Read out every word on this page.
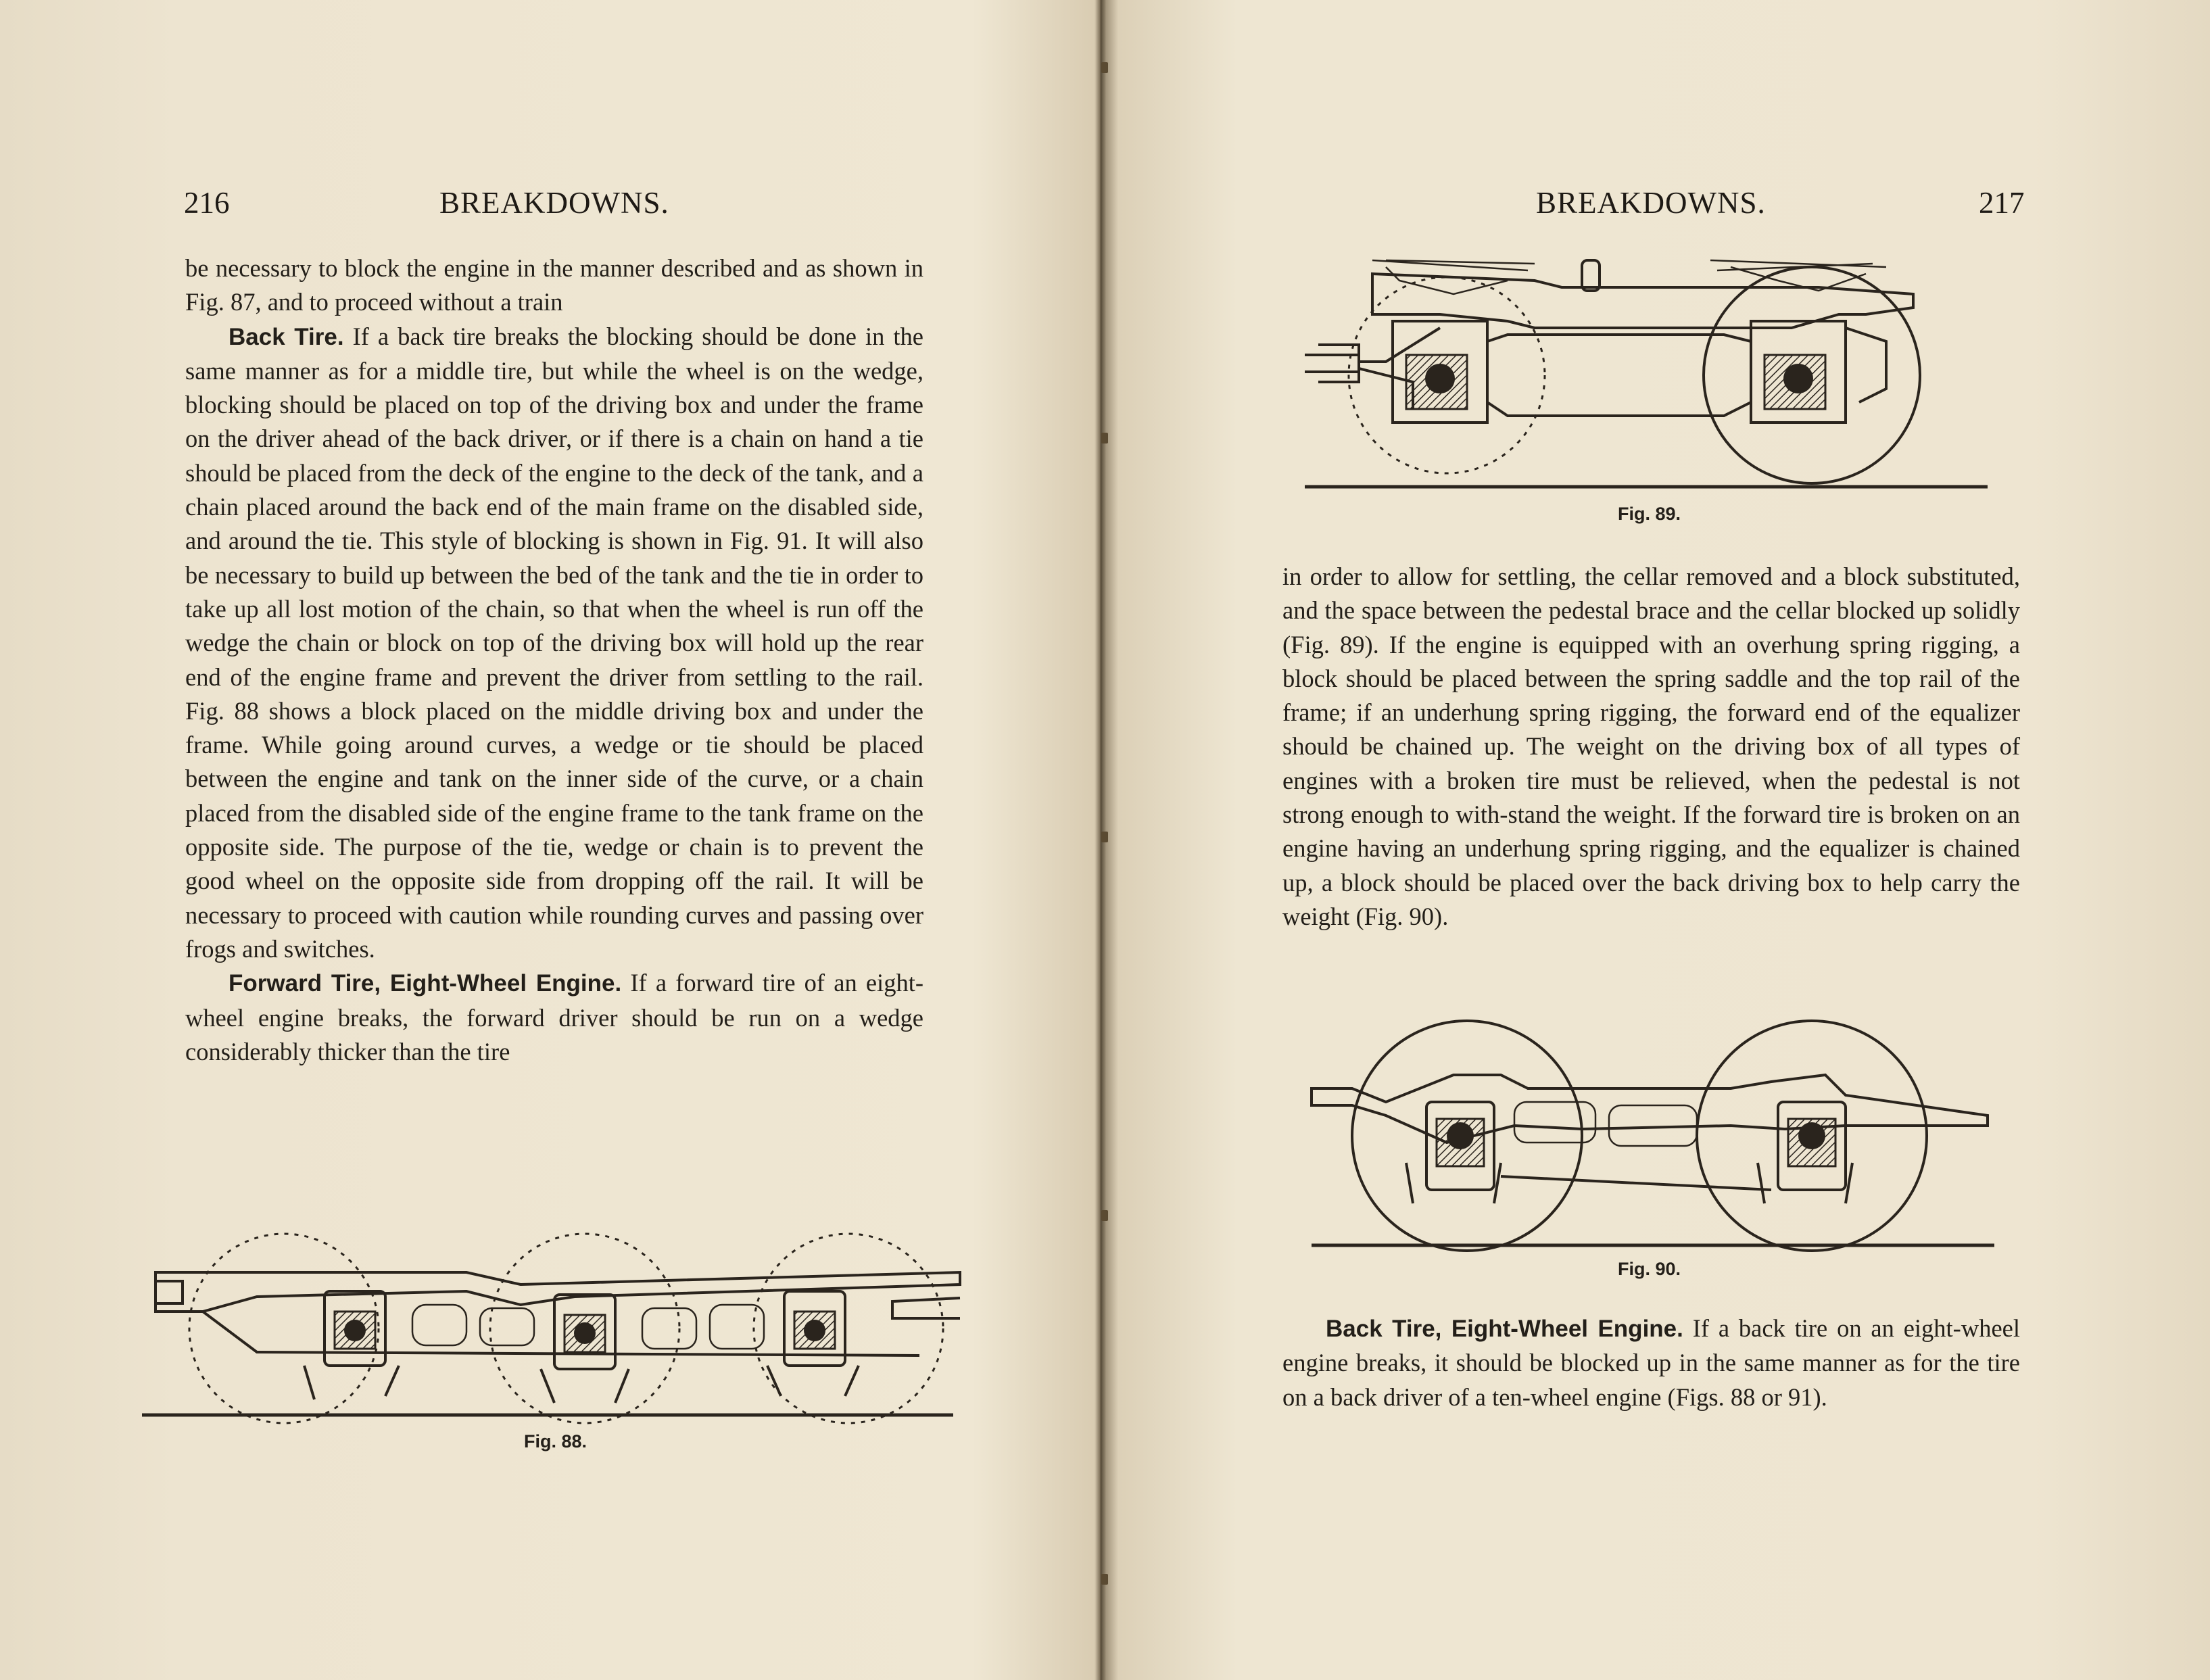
216	BREAKDOWNS.

be necessary to block the engine in the manner described and as shown in Fig. 87, and to proceed without a train

Back Tire. If a back tire breaks the blocking should be done in the same manner as for a middle tire, but while the wheel is on the wedge, blocking should be placed on top of the driving box and under the frame on the driver ahead of the back driver, or if there is a chain on hand a tie should be placed from the deck of the engine to the deck of the tank, and a chain placed around the back end of the main frame on the disabled side, and around the tie. This style of blocking is shown in Fig. 91. It will also be necessary to build up between the bed of the tank and the tie in order to take up all lost motion of the chain, so that when the wheel is run off the wedge the chain or block on top of the driving box will hold up the rear end of the engine frame and prevent the driver from settling to the rail. Fig. 88 shows a block placed on the middle driving box and under the frame. While going around curves, a wedge or tie should be placed between the engine and tank on the inner side of the curve, or a chain placed from the disabled side of the engine frame to the tank frame on the opposite side. The purpose of the tie, wedge or chain is to prevent the good wheel on the opposite side from dropping off the rail. It will be necessary to proceed with caution while rounding curves and passing over frogs and switches.

Forward Tire, Eight-Wheel Engine. If a forward tire of an eight-wheel engine breaks, the forward driver should be run on a wedge considerably thicker than the tire

Fig. 88.
BREAKDOWNS.	217
Fig. 89.

in order to allow for settling, the cellar removed and a block substituted, and the space between the pedestal brace and the cellar blocked up solidly (Fig. 89). If the engine is equipped with an overhung spring rigging, a block should be placed between the spring saddle and the top rail of the frame; if an underhung spring rigging, the forward end of the equalizer should be chained up. The weight on the driving box of all types of engines with a broken tire must be relieved, when the pedestal is not strong enough to with-stand the weight. If the forward tire is broken on an engine having an underhung spring rigging, and the equalizer is chained up, a block should be placed over the back driving box to help carry the weight (Fig. 90).

Fig. 90.

Back Tire, Eight-Wheel Engine. If a back tire on an eight-wheel engine breaks, it should be blocked up in the same manner as for the tire on a back driver of a ten-wheel engine (Figs. 88 or 91).
